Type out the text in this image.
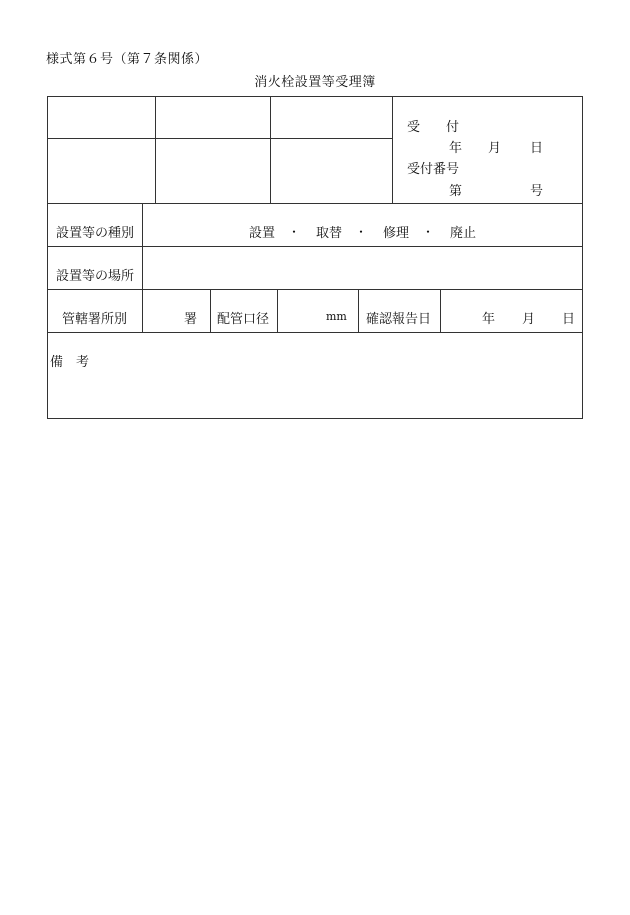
様式第６号（第７条関係）
消火栓設置等受理簿
受　　付
年 月 日
受付番号
第	号
設置等の種別	設置 ・ 取替 ・ 修理 ・ 廃止
設置等の場所
管轄署所別	署 配管口径	mm 確認報告日	年 月 日
備　考
